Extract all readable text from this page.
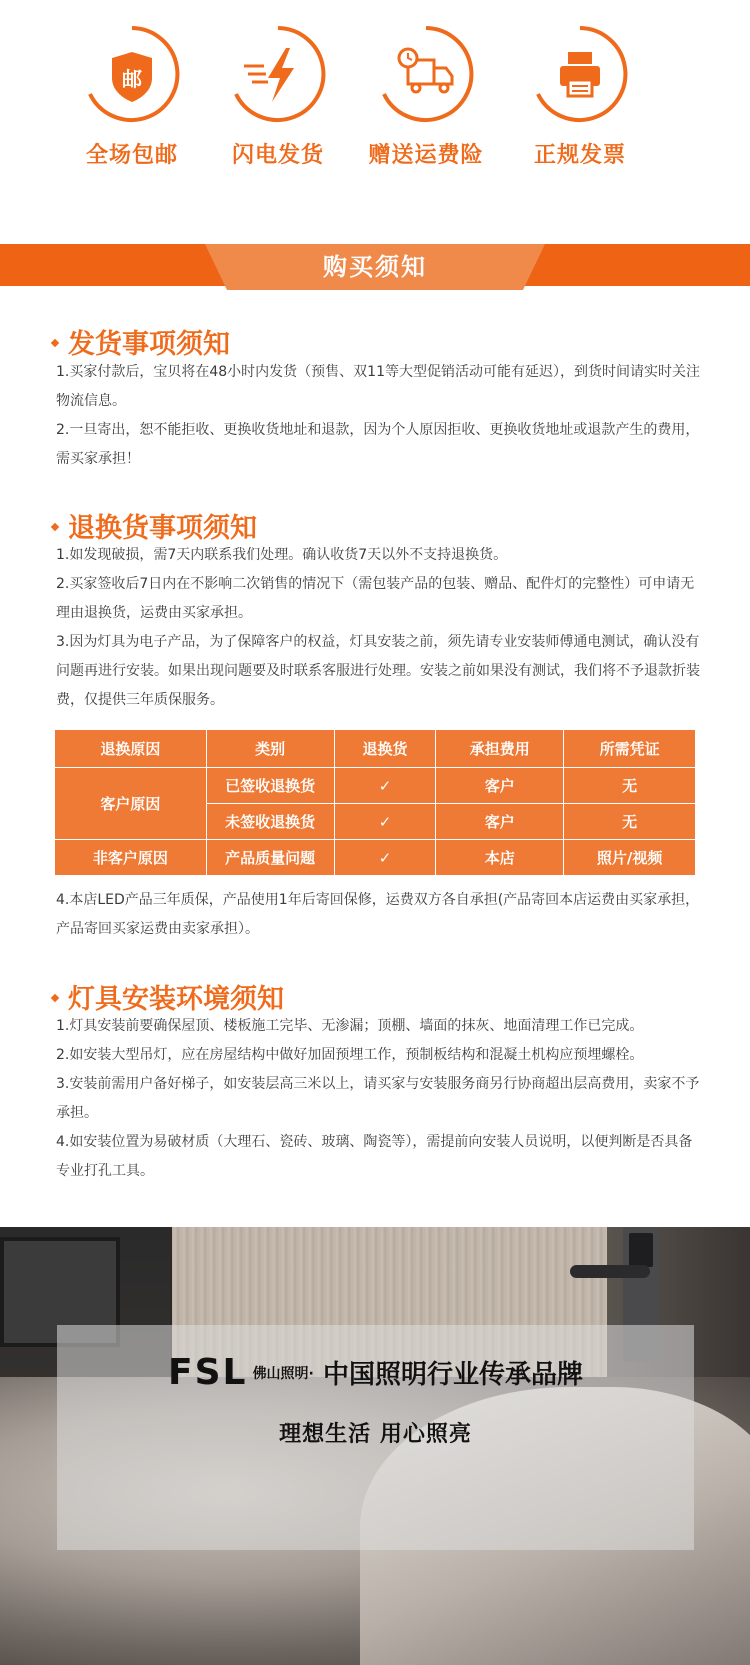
邮
全场包邮	闪电发货	赠送运费险	正规发票
购买须知
发货事项须知
1.买家付款后，宝贝将在48小时内发货（预售、双11等大型促销活动可能有延迟），到货时间请实时关注物流信息。
2.一旦寄出，恕不能拒收、更换收货地址和退款，因为个人原因拒收、更换收货地址或退款产生的费用，需买家承担！
退换货事项须知
1.如发现破损，需7天内联系我们处理。确认收货7天以外不支持退换货。
2.买家签收后7日内在不影响二次销售的情况下（需包装产品的包装、赠品、配件灯的完整性）可申请无理由退换货，运费由买家承担。
3.因为灯具为电子产品，为了保障客户的权益，灯具安装之前，须先请专业安装师傅通电测试，确认没有问题再进行安装。如果出现问题要及时联系客服进行处理。安装之前如果没有测试，我们将不予退款折装费，仅提供三年质保服务。
退换原因	类别	退换货	承担费用	所需凭证
客户原因	已签收退换货	✓	客户	无
	未签收退换货	✓	客户	无
非客户原因	产品质量问题	✓	本店	照片/视频
4.本店LED产品三年质保，产品使用1年后寄回保修，运费双方各自承担(产品寄回本店运费由买家承担，产品寄回买家运费由卖家承担）。
灯具安装环境须知
1.灯具安装前要确保屋顶、楼板施工完毕、无渗漏；顶棚、墙面的抹灰、地面清理工作已完成。
2.如安装大型吊灯，应在房屋结构中做好加固预埋工作，预制板结构和混凝土机构应预埋螺栓。
3.安装前需用户备好梯子，如安装层高三米以上，请买家与安装服务商另行协商超出层高费用，卖家不予承担。
4.如安装位置为易破材质（大理石、瓷砖、玻璃、陶瓷等），需提前向安装人员说明，以便判断是否具备专业打孔工具。
FSL 佛山照明· 中国照明行业传承品牌
理想生活 用心照亮
